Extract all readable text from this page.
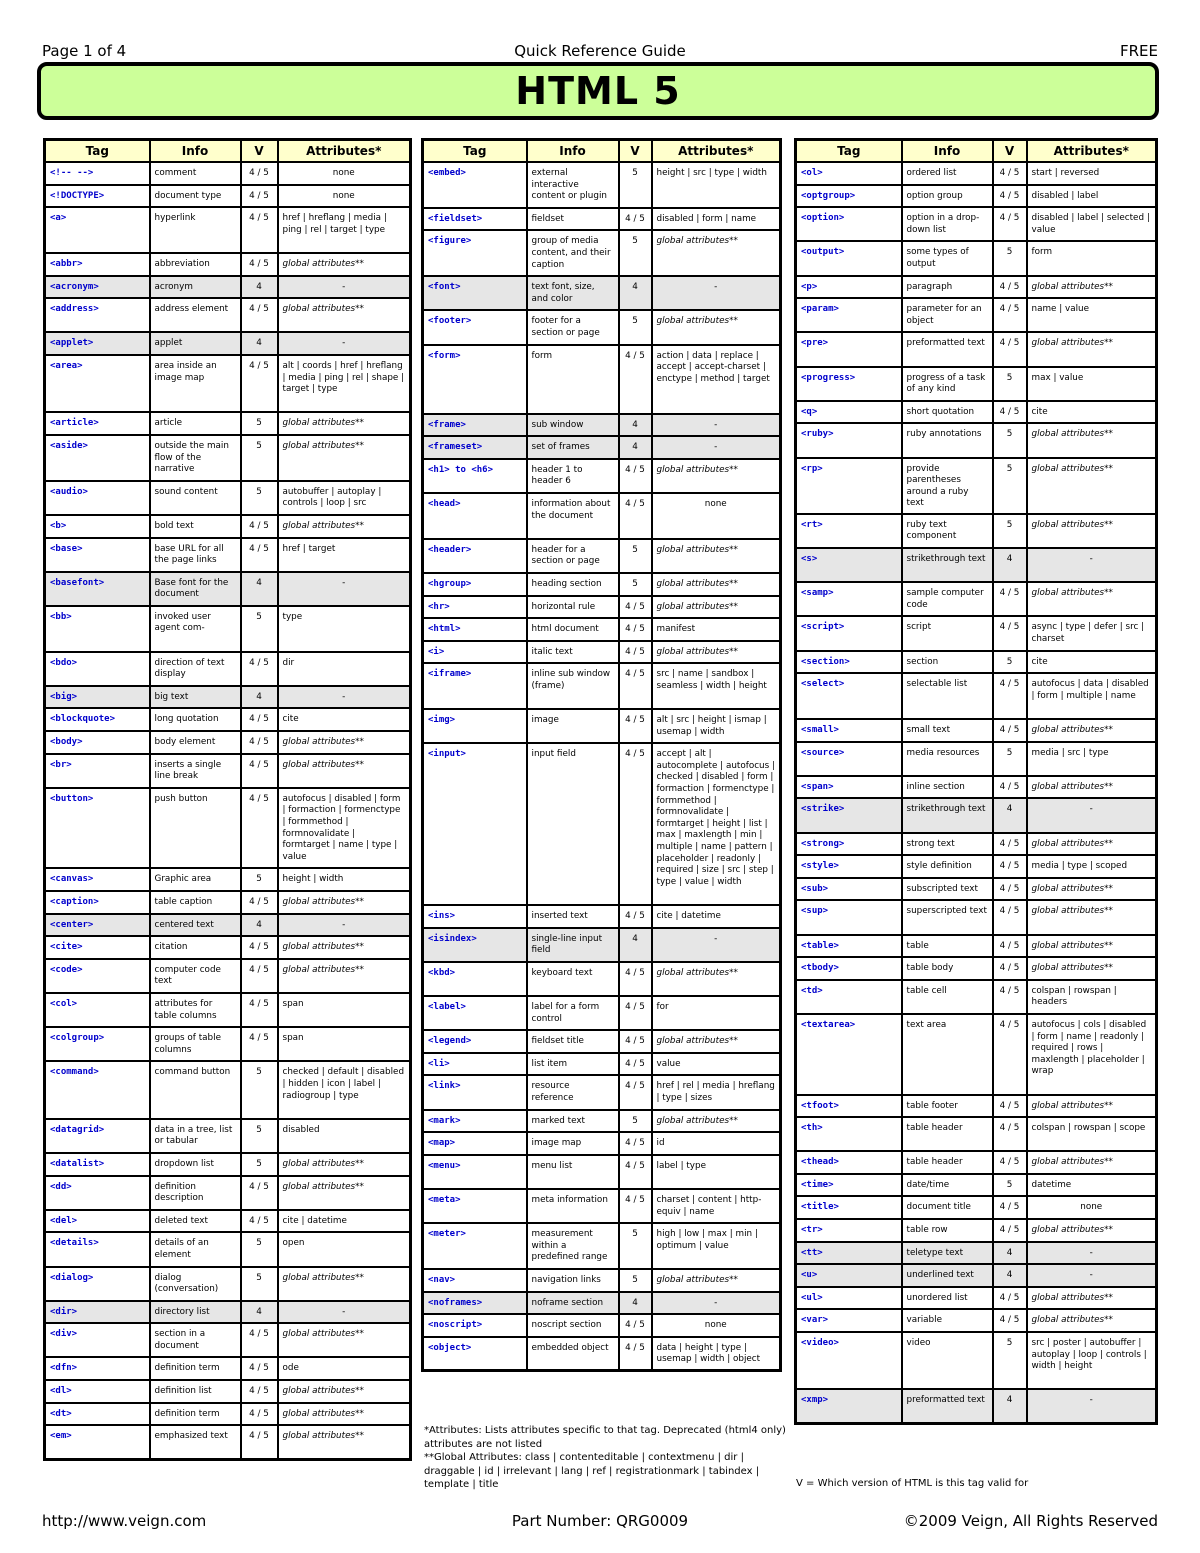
Page 1 of 4	Quick Reference Guide	FREE
HTML 5
Tag	Info	V	Attributes*
<!-- -->	comment	4 / 5	none
<!DOCTYPE>	document type	4 / 5	none
<a>	hyperlink	4 / 5	href | hreflang | media | ping | rel | target | type
<abbr>	abbreviation	4 / 5	global attributes**
<acronym>	acronym	4	-
<address>	address element	4 / 5	global attributes**
<applet>	applet	4	-
<area>	area inside an image map	4 / 5	alt | coords | href | hreflang | media | ping | rel | shape | target | type
<article>	article	5	global attributes**
<aside>	outside the main flow of the narrative	5	global attributes**
<audio>	sound content	5	autobuffer | autoplay | controls | loop | src
<b>	bold text	4 / 5	global attributes**
<base>	base URL for all the page links	4 / 5	href | target
<basefont>	Base font for the document	4	-
<bb>	invoked user agent com-	5	type
<bdo>	direction of text display	4 / 5	dir
<big>	big text	4	-
<blockquote>	long quotation	4 / 5	cite
<body>	body element	4 / 5	global attributes**
<br>	inserts a single line break	4 / 5	global attributes**
<button>	push button	4 / 5	autofocus | disabled | form | formaction | formenctype | formmethod | formnovalidate | formtarget | name | type | value
<canvas>	Graphic area	5	height | width
<caption>	table caption	4 / 5	global attributes**
<center>	centered text	4	-
<cite>	citation	4 / 5	global attributes**
<code>	computer code text	4 / 5	global attributes**
<col>	attributes for table columns	4 / 5	span
<colgroup>	groups of table columns	4 / 5	span
<command>	command button	5	checked | default | disabled | hidden | icon | label | radiogroup | type
<datagrid>	data in a tree, list or tabular	5	disabled
<datalist>	dropdown list	5	global attributes**
<dd>	definition description	4 / 5	global attributes**
<del>	deleted text	4 / 5	cite | datetime
<details>	details of an element	5	open
<dialog>	dialog (conversation)	5	global attributes**
<dir>	directory list	4	-
<div>	section in a document	4 / 5	global attributes**
<dfn>	definition term	4 / 5	ode
<dl>	definition list	4 / 5	global attributes**
<dt>	definition term	4 / 5	global attributes**
<em>	emphasized text	4 / 5	global attributes**
Tag	Info	V	Attributes*
<embed>	external interactive content or plugin	5	height | src | type | width
<fieldset>	fieldset	4 / 5	disabled | form | name
<figure>	group of media content, and their caption	5	global attributes**
<font>	text font, size, and color	4	-
<footer>	footer for a section or page	5	global attributes**
<form>	form	4 / 5	action | data | replace | accept | accept-charset | enctype | method | target
<frame>	sub window	4	-
<frameset>	set of frames	4	-
<h1> to <h6>	header 1 to header 6	4 / 5	global attributes**
<head>	information about the document	4 / 5	none
<header>	header for a section or page	5	global attributes**
<hgroup>	heading section	5	global attributes**
<hr>	horizontal rule	4 / 5	global attributes**
<html>	html document	4 / 5	manifest
<i>	italic text	4 / 5	global attributes**
<iframe>	inline sub window (frame)	4 / 5	src | name | sandbox | seamless | width | height
<img>	image	4 / 5	alt | src | height | ismap | usemap | width
<input>	input field	4 / 5	accept | alt | autocomplete | autofocus | checked | disabled | form | formaction | formenctype | formmethod | formnovalidate | formtarget | height | list | max | maxlength | min | multiple | name | pattern | placeholder | readonly | required | size | src | step | type | value | width
<ins>	inserted text	4 / 5	cite | datetime
<isindex>	single-line input field	4	-
<kbd>	keyboard text	4 / 5	global attributes**
<label>	label for a form control	4 / 5	for
<legend>	fieldset title	4 / 5	global attributes**
<li>	list item	4 / 5	value
<link>	resource reference	4 / 5	href | rel | media | hreflang | type | sizes
<mark>	marked text	5	global attributes**
<map>	image map	4 / 5	id
<menu>	menu list	4 / 5	label | type
<meta>	meta information	4 / 5	charset | content | http-equiv | name
<meter>	measurement within a predefined range	5	high | low | max | min | optimum | value
<nav>	navigation links	5	global attributes**
<noframes>	noframe section	4	-
<noscript>	noscript section	4 / 5	none
<object>	embedded object	4 / 5	data | height | type | usemap | width | object
Tag	Info	V	Attributes*
<ol>	ordered list	4 / 5	start | reversed
<optgroup>	option group	4 / 5	disabled | label
<option>	option in a drop-down list	4 / 5	disabled | label | selected | value
<output>	some types of output	5	form
<p>	paragraph	4 / 5	global attributes**
<param>	parameter for an object	4 / 5	name | value
<pre>	preformatted text	4 / 5	global attributes**
<progress>	progress of a task of any kind	5	max | value
<q>	short quotation	4 / 5	cite
<ruby>	ruby annotations	5	global attributes**
<rp>	provide parentheses around a ruby text	5	global attributes**
<rt>	ruby text component	5	global attributes**
<s>	strikethrough text	4	-
<samp>	sample computer code	4 / 5	global attributes**
<script>	script	4 / 5	async | type | defer | src | charset
<section>	section	5	cite
<select>	selectable list	4 / 5	autofocus | data | disabled | form | multiple | name
<small>	small text	4 / 5	global attributes**
<source>	media resources	5	media | src | type
<span>	inline section	4 / 5	global attributes**
<strike>	strikethrough text	4	-
<strong>	strong text	4 / 5	global attributes**
<style>	style definition	4 / 5	media | type | scoped
<sub>	subscripted text	4 / 5	global attributes**
<sup>	superscripted text	4 / 5	global attributes**
<table>	table	4 / 5	global attributes**
<tbody>	table body	4 / 5	global attributes**
<td>	table cell	4 / 5	colspan | rowspan | headers
<textarea>	text area	4 / 5	autofocus | cols | disabled | form | name | readonly | required | rows | maxlength | placeholder | wrap
<tfoot>	table footer	4 / 5	global attributes**
<th>	table header	4 / 5	colspan | rowspan | scope
<thead>	table header	4 / 5	global attributes**
<time>	date/time	5	datetime
<title>	document title	4 / 5	none
<tr>	table row	4 / 5	global attributes**
<tt>	teletype text	4	-
<u>	underlined text	4	-
<ul>	unordered list	4 / 5	global attributes**
<var>	variable	4 / 5	global attributes**
<video>	video	5	src | poster | autobuffer | autoplay | loop | controls | width | height
<xmp>	preformatted text	4	-
*Attributes: Lists attributes specific to that tag. Deprecated (html4 only) attributes are not listed
**Global Attributes: class | contenteditable | contextmenu | dir | draggable | id | irrelevant | lang | ref | registrationmark | tabindex | template | title	V = Which version of HTML is this tag valid for
http://www.veign.com	Part Number: QRG0009	©2009 Veign, All Rights Reserved
